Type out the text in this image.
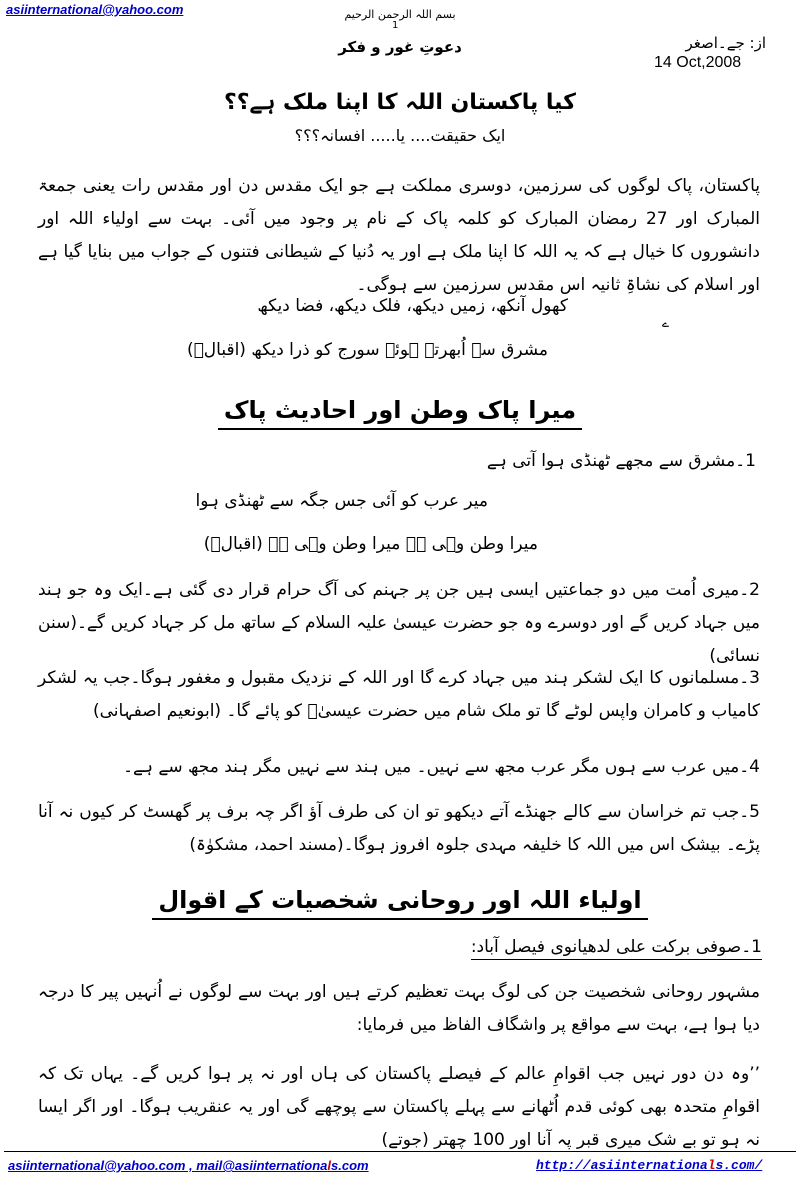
asiinternational@yahoo.com	بسم اللہ الرحمن الرحیم
1
دعوتِ غور و فکر	از: جے۔اصغر
14 Oct,2008
کیا پاکستان اللہ کا اپنا ملک ہے؟؟
ایک حقیقت.... یا..... افسانہ؟؟؟
پاکستان، پاک لوگوں کی سرزمین، دوسری مملکت ہے جو ایک مقدس دن اور مقدس رات یعنی جمعۃ المبارک اور 27 رمضان المبارک کو کلمہ پاک کے نام پر وجود میں آئی۔ بہت سے اولیاء اللہ اور دانشوروں کا خیال ہے کہ یہ اللہ کا اپنا ملک ہے اور یہ دُنیا کے شیطانی فتنوں کے جواب میں بنایا گیا ہے اور اسلام کی نشاۃِ ثانیہ اس مقدس سرزمین سے ہوگی۔
کھول آنکھ، زمیں دیکھ، فلک دیکھ، فضا دیکھ
ے
مشرق سے اُبھرتے ہوئے سورج کو ذرا دیکھ (اقبالؒ)
میرا پاک وطن اور احادیث پاک
1۔مشرق سے مجھے ٹھنڈی ہوا آتی ہے
میر عرب کو آئی جس جگہ سے ٹھنڈی ہوا
میرا وطن وہی ہے میرا وطن وہی ہے (اقبالؒ)
2۔میری اُمت میں دو جماعتیں ایسی ہیں جن پر جہنم کی آگ حرام قرار دی گئی ہے۔ایک وہ جو ہند میں جہاد کریں گے اور دوسرے وہ جو حضرت عیسیٰ علیہ السلام کے ساتھ مل کر جہاد کریں گے۔(سنن نسائی)
3۔مسلمانوں کا ایک لشکر ہند میں جہاد کرے گا اور اللہ کے نزدیک مقبول و مغفور ہوگا۔جب یہ لشکر کامیاب و کامران واپس لوٹے گا تو ملک شام میں حضرت عیسیٰؑ کو پائے گا۔ (ابونعیم اصفہانی)
4۔میں عرب سے ہوں مگر عرب مجھ سے نہیں۔ میں ہند سے نہیں مگر ہند مجھ سے ہے۔
5۔جب تم خراسان سے کالے جھنڈے آتے دیکھو تو ان کی طرف آؤ اگر چہ برف پر گھسٹ کر کیوں نہ آنا پڑے۔ بیشک اس میں اللہ کا خلیفہ مہدی جلوہ افروز ہوگا۔(مسند احمد، مشکوٰۃ)
اولیاء اللہ اور روحانی شخصیات کے اقوال
1۔صوفی برکت علی لدھیانوی فیصل آباد:
مشہور روحانی شخصیت جن کی لوگ بہت تعظیم کرتے ہیں اور بہت سے لوگوں نے اُنہیں پیر کا درجہ دیا ہوا ہے، بہت سے مواقع پر واشگاف الفاظ میں فرمایا:
’’وہ دن دور نہیں جب اقوامِ عالم کے فیصلے پاکستان کی ہاں اور نہ پر ہوا کریں گے۔ یہاں تک کہ اقوامِ متحدہ بھی کوئی قدم اُٹھانے سے پہلے پاکستان سے پوچھے گی اور یہ عنقریب ہوگا۔ اور اگر ایسا نہ ہو تو بے شک میری قبر پہ آنا اور 100 چھتر (جوتے)
asiinternational@yahoo.com , mail@asiinternationals.com	http://asiinternationals.com/
